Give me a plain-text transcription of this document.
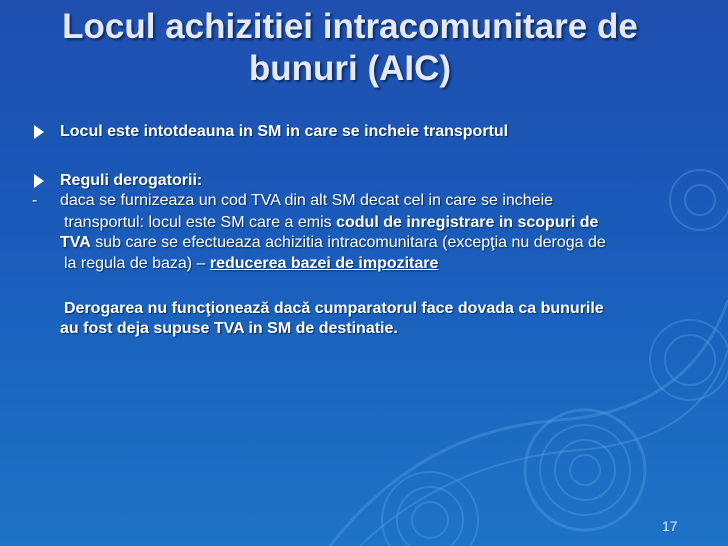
Locul achizitiei intracomunitare de
bunuri (AIC)
Locul este intotdeauna in SM in care se incheie transportul
Reguli derogatorii:
- daca se furnizeaza un cod TVA din alt SM decat cel in care se incheie
transportul: locul este SM care a emis codul de inregistrare in scopuri de
TVA sub care se efectueaza achizitia intracomunitara (excepţia nu deroga de
la regula de baza) – reducerea bazei de impozitare
Derogarea nu funcţionează dacă cumparatorul face dovada ca bunurile
au fost deja supuse TVA in SM de destinatie.
17
